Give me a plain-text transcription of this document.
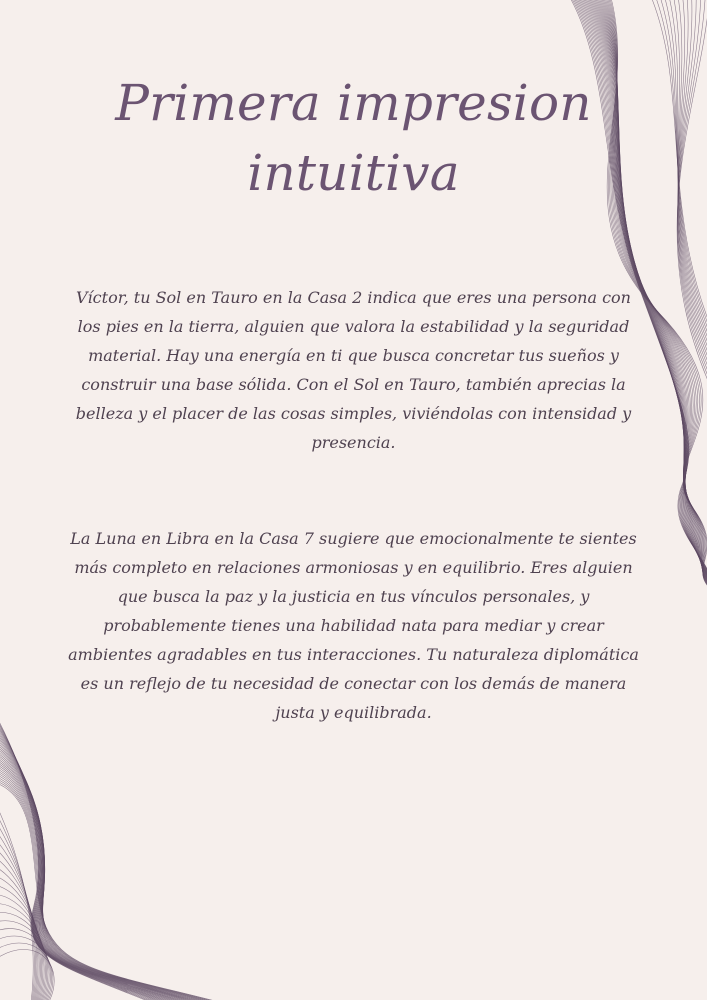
Primera impresion intuitiva

Víctor, tu Sol en Tauro en la Casa 2 indica que eres una persona con los pies en la tierra, alguien que valora la estabilidad y la seguridad material. Hay una energía en ti que busca concretar tus sueños y construir una base sólida. Con el Sol en Tauro, también aprecias la belleza y el placer de las cosas simples, viviéndolas con intensidad y presencia.

La Luna en Libra en la Casa 7 sugiere que emocionalmente te sientes más completo en relaciones armoniosas y en equilibrio. Eres alguien que busca la paz y la justicia en tus vínculos personales, y probablemente tienes una habilidad nata para mediar y crear ambientes agradables en tus interacciones. Tu naturaleza diplomática es un reflejo de tu necesidad de conectar con los demás de manera justa y equilibrada.
